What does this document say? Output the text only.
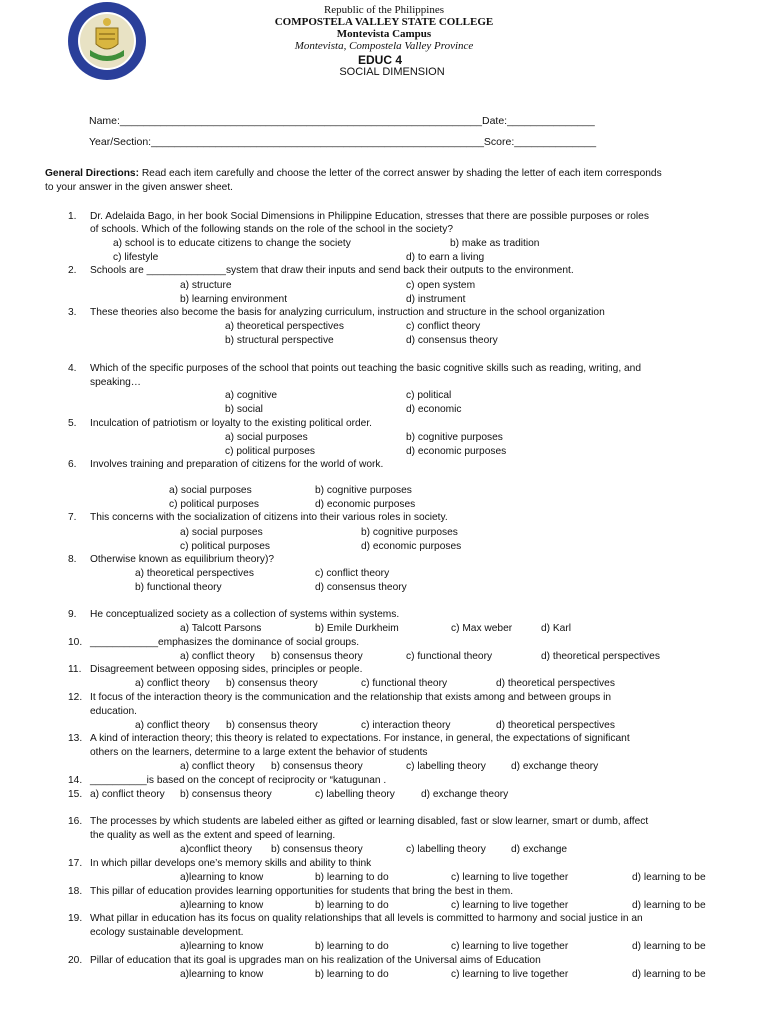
Republic of the Philippines
COMPOSTELA VALLEY STATE COLLEGE
Montevista Campus
Montevista, Compostela Valley Province
EDUC 4
SOCIAL DIMENSION
Name:______________________________________________________________Date:_______________
Year/Section:_________________________________________________________Score:______________
General Directions: Read each item carefully and choose the letter of the correct answer by shading the letter of each item corresponds
to your answer in the given answer sheet.
1. Dr. Adelaida Bago, in her book Social Dimensions in Philippine Education, stresses that there are possible purposes or roles
of schools. Which of the following stands on the role of the school in the society?
a) school is to educate citizens to change the society	b) make as tradition
c) lifestyle	d) to earn a living
2. Schools are ______________system that draw their inputs and send back their outputs to the environment.
a) structure	c) open system
b) learning environment	d) instrument
3. These theories also become the basis for analyzing curriculum, instruction and structure in the school organization
a) theoretical perspectives	c) conflict theory
b) structural perspective	d) consensus theory
4. Which of the specific purposes of the school that points out teaching the basic cognitive skills such as reading, writing, and
speaking…
a) cognitive	c) political
b) social	d) economic
5. Inculcation of patriotism or loyalty to the existing political order.
a) social purposes	b) cognitive purposes
c) political purposes	d) economic purposes
6. Involves training and preparation of citizens for the world of work.
a) social purposes	b) cognitive purposes
c) political purposes	d) economic purposes
7. This concerns with the socialization of citizens into their various roles in society.
a) social purposes	b) cognitive purposes
c) political purposes	d) economic purposes
8. Otherwise known as equilibrium theory)?
a) theoretical perspectives	c) conflict theory
b) functional theory	d) consensus theory
9. He conceptualized society as a collection of systems within systems.
a) Talcott Parsons	b) Emile Durkheim	c) Max weber	d) Karl
10. ____________emphasizes the dominance of social groups.
a) conflict theory b) consensus theory	c) functional theory	d) theoretical perspectives
11. Disagreement between opposing sides, principles or people.
a) conflict theory b) consensus theory	c) functional theory	d) theoretical perspectives
12. It focus of the interaction theory is the communication and the relationship that exists among and between groups in
education.
a) conflict theory b) consensus theory	c) interaction theory	d) theoretical perspectives
13. A kind of interaction theory; this theory is related to expectations. For instance, in general, the expectations of significant
others on the learners, determine to a large extent the behavior of students
a) conflict theory b) consensus theory	c) labelling theory d) exchange theory
14. __________is based on the concept of reciprocity or “katugunan .
15. a) conflict theory b) consensus theory	c) labelling theory	d) exchange theory
16. The processes by which students are labeled either as gifted or learning disabled, fast or slow learner, smart or dumb, affect
the quality as well as the extent and speed of learning.
a)conflict theory b) consensus theory	c) labelling theory d) exchange
17. In which pillar develops one’s memory skills and ability to think
a)learning to know	b) learning to do	c) learning to live together	d) learning to be
18. This pillar of education provides learning opportunities for students that bring the best in them.
a)learning to know	b) learning to do	c) learning to live together	d) learning to be
19. What pillar in education has its focus on quality relationships that all levels is committed to harmony and social justice in an
ecology sustainable development.
a)learning to know	b) learning to do	c) learning to live together	d) learning to be
20. Pillar of education that its goal is upgrades man on his realization of the Universal aims of Education
a)learning to know	b) learning to do	c) learning to live together	d) learning to be
